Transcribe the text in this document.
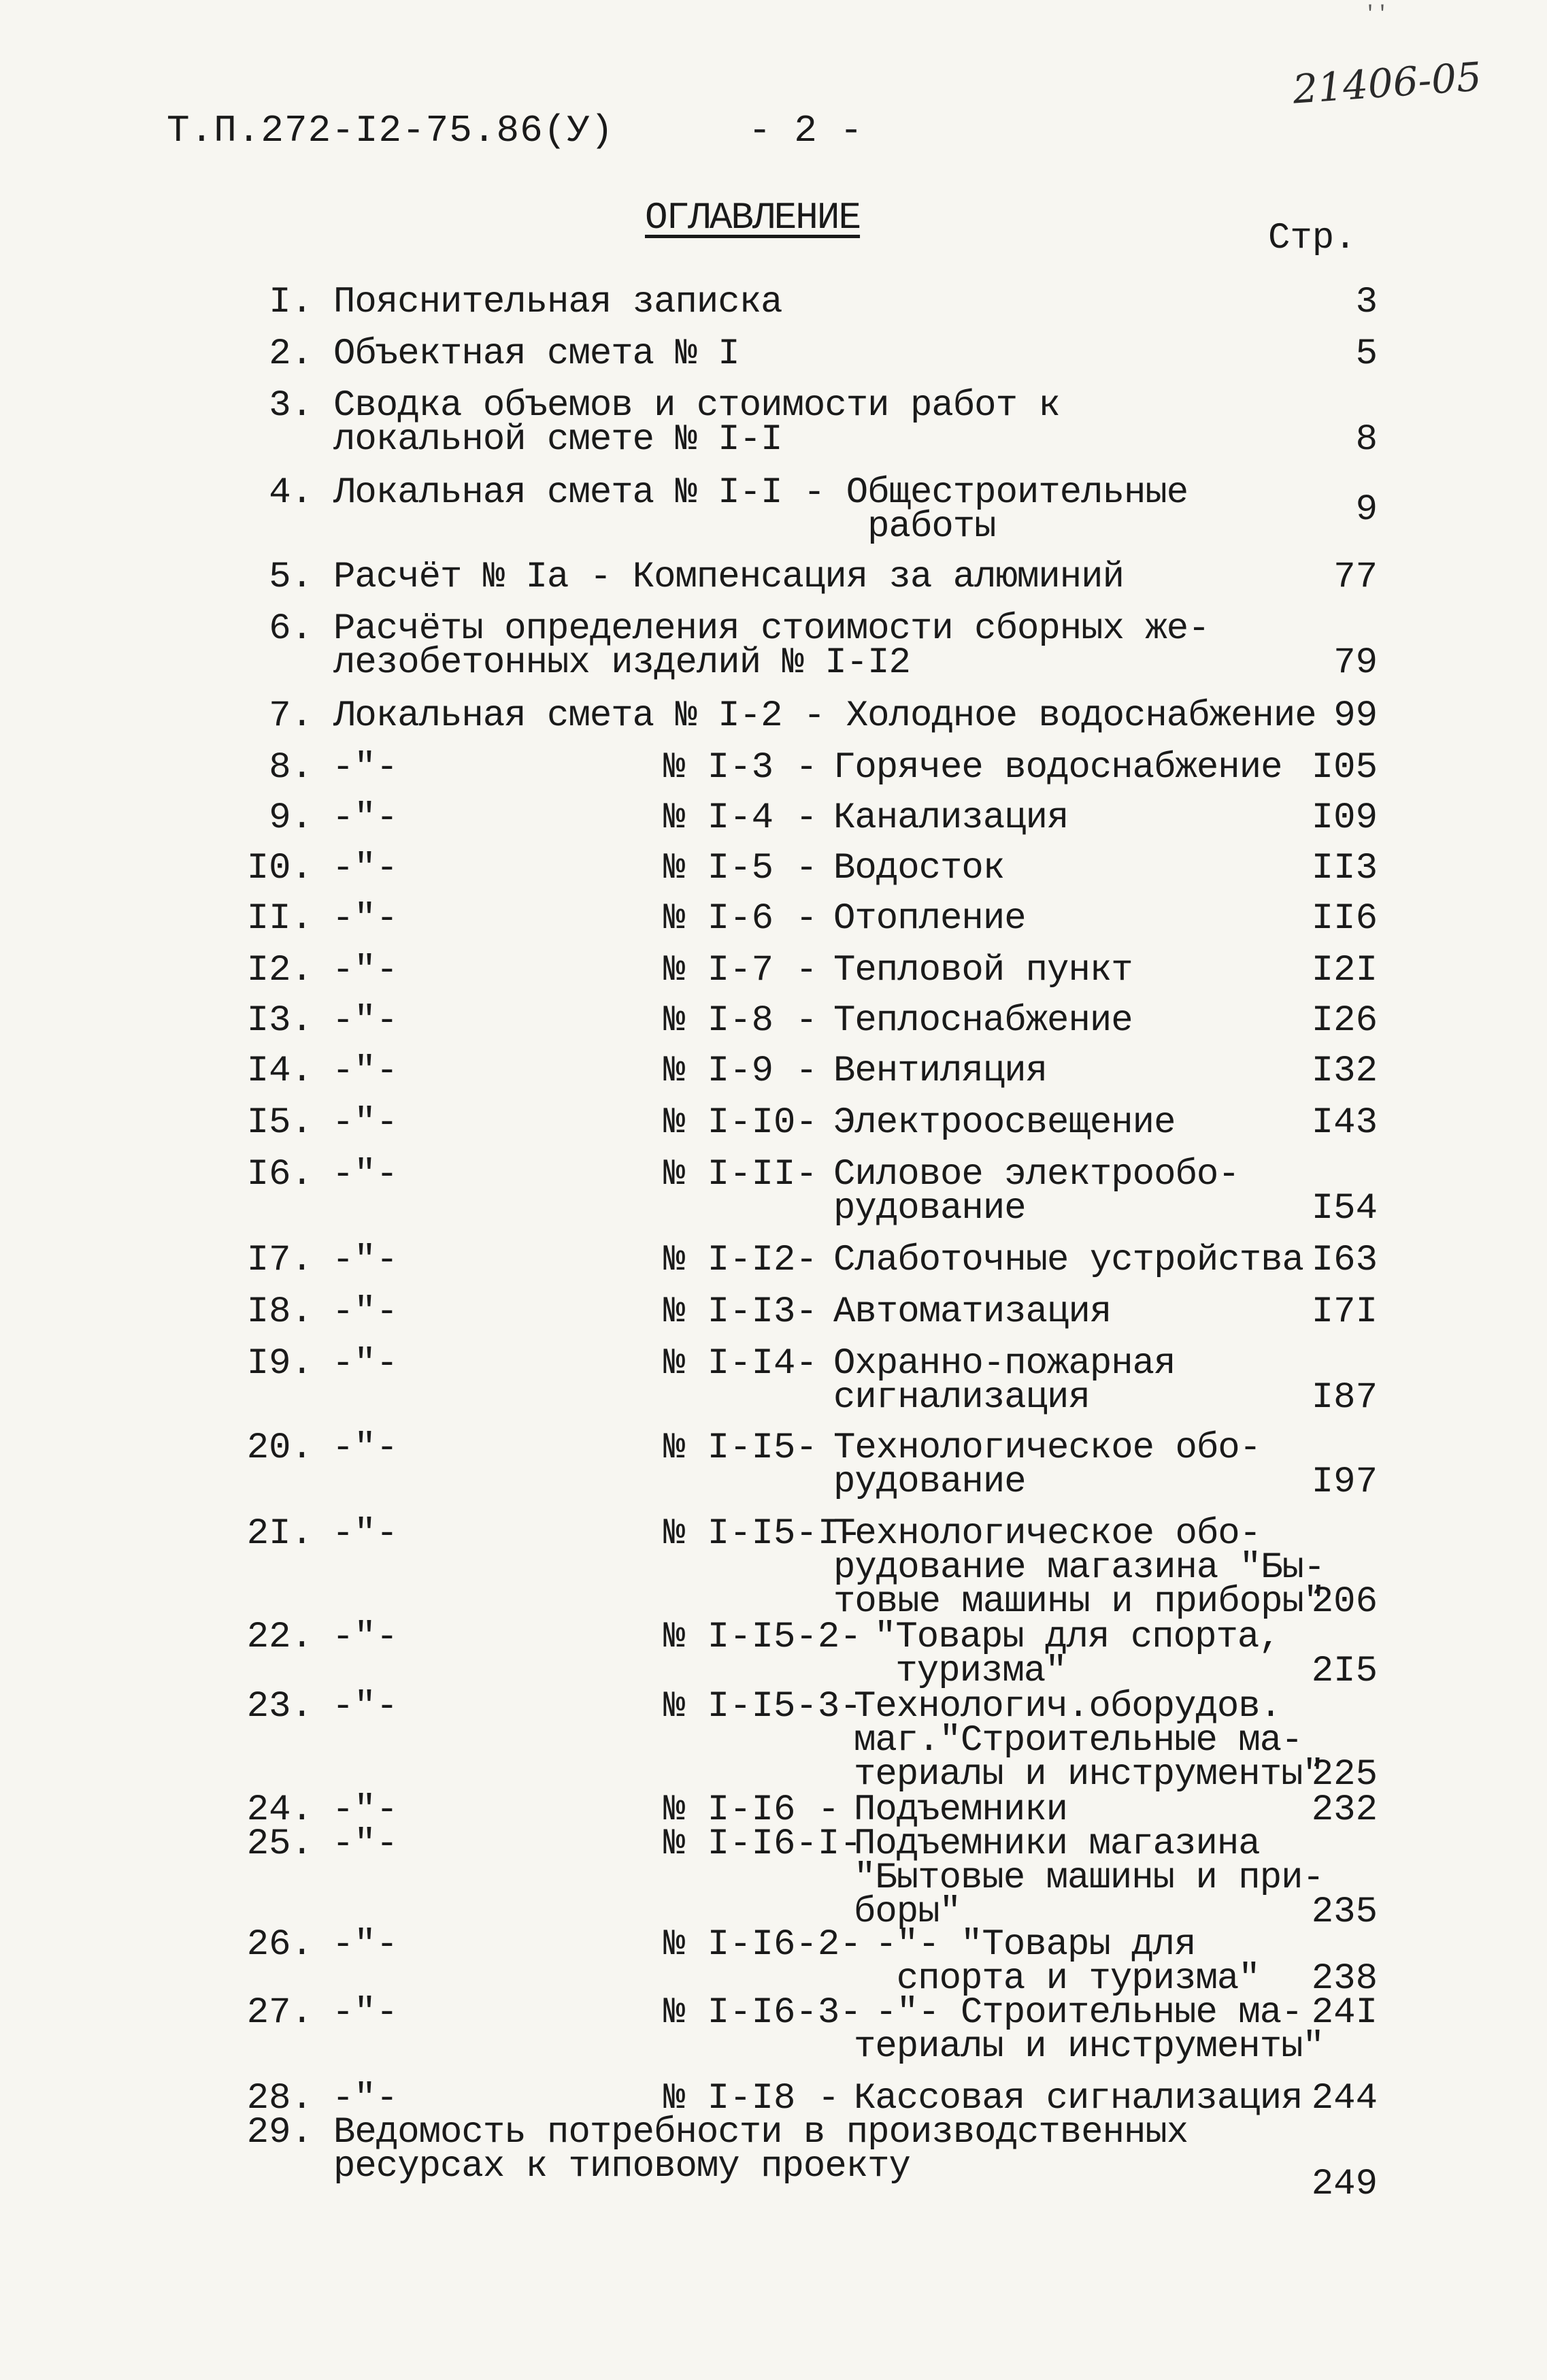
''
21406-05
Т.П.272-I2-75.86(У)	- 2 -
ОГЛАВЛЕНИЕ	Стр.
I. Пояснительная записка	3
2. Объектная смета № I	5
3. Сводка объемов и стоимости работ к
локальной смете № I-I	8
4. Локальная смета № I-I - Общестроительные
работы	9
5. Расчёт № Iа - Компенсация за алюминий	77
6. Расчёты определения стоимости сборных же-
лезобетонных изделий № I-I2	79
7. Локальная смета № I-2 - Холодное водоснабжение 99
8. -"-	№ I-3 - Горячее водоснабжение I05
9. -"-	№ I-4 - Канализация	I09
I0. -"-	№ I-5 - Водосток	II3
II. -"-	№ I-6 - Отопление	II6
I2. -"-	№ I-7 - Тепловой пункт	I2I
I3. -"-	№ I-8 - Теплоснабжение	I26
I4. -"-	№ I-9 - Вентиляция	I32
I5. -"-	№ I-I0- Электроосвещение	I43
I6. -"-	№ I-II- Силовое электрообо-
рудование	I54
I7. -"-	№ I-I2- Слаботочные устройства I63
I8. -"-	№ I-I3- Автоматизация	I7I
I9. -"-	№ I-I4- Охранно-пожарная
сигнализация	I87
20. -"-	№ I-I5- Технологическое обо-
рудование	I97
2I. -"-	№ I-I5-I-
Технологическое обо-
рудование магазина "Бы-
товые машины и приборы"
206
22. -"-	№ I-I5-2- "Товары для спорта,
туризма"	2I5
23. -"-	№ I-I5-3-
Технологич.оборудов.
маг."Строительные ма-
териалы и инструменты"
225
24. -"-	№ I-I6 - Подъемники	232
25. -"-	№ I-I6-I-
Подъемники магазина
"Бытовые машины и при-
боры"	235
26. -"-	№ I-I6-2-
-"- "Товары для
спорта и туризма"	238
27. -"-	№ I-I6-3-
-"- Строительные ма-
териалы и инструменты"
24I
28. -"-	№ I-I8 - Кассовая сигнализация 244
29. Ведомость потребности в производственных
ресурсах к типовому проекту	249
